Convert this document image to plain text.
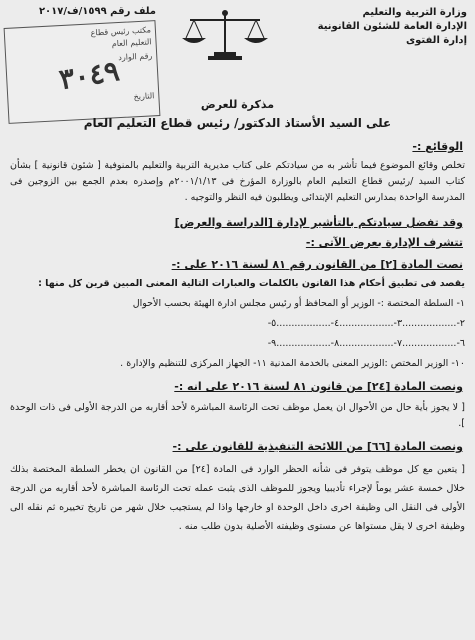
وزارة التربية والتعليم
الإدارة العامة للشئون القانونية
إدارة الفتوى
ملف رقم ١٥٩٩/ف/٢٠١٧
مكتب رئيس قطاع
التعليم العام
رقم الوارد
التاريخ
٣٠٤٩
مذكرة للعرض
على السيد الأستاذ الدكتور/ رئيس قطاع التعليم العام
الوقائع :-
تخلص وقائع الموضوع فيما تأشر به من سيادتكم على كتاب مديرية التربية والتعليم بالمنوفية [ شئون قانونية ] بشأن كتاب السيد /رئيس قطاع التعليم العام بالوزارة المؤرخ فى ٢٠٠١/١/١٣م وإصدره بعدم الجمع بين الزوجين فى المدرسة الواحدة بمدارس التعليم الإبتدائى ويطلبون فيه النظر والتوجيه .
وقد تفضل سيادتكم بالتأشير لإدارة [الدراسة والعرض]
تتشرف الإدارة بعرض الآتى :-
نصت المادة [٢] من القانون رقم ٨١ لسنة ٢٠١٦ على :-
يقصد فى تطبيق أحكام هذا القانون بالكلمات والعبارات التالية المعنى المبين قرين كل منها :
١- السلطة المختصة :- الوزير أو المحافظ أو رئيس مجلس ادارة الهيئة بحسب الأحوال
٢-..................٣-..................٤-..................٥-
٦-..................٧-..................٨-..................٩-
١٠- الوزير المختص :الوزير المعنى بالخدمة المدنية ١١- الجهاز المركزى للتنظيم والإدارة .
ونصت المادة [٢٤] من قانون ٨١ لسنة ٢٠١٦ على انه :-
[ لا يجوز بأية حال من الأحوال ان يعمل موظف تحت الرئاسة المباشرة لأحد أقاربه من الدرجة الأولى فى ذات الوحدة ].
ونصت المادة [٦٦] من اللائحة التنفيذية للقانون على :-
[ يتعين مع كل موظف يتوفر فى شأنه الحظر الوارد فى المادة [٢٤] من القانون ان يخطر السلطة المختصة بذلك خلال خمسة عشر يوماً لإجراء تأديبيا ويجوز للموظف الذى يثبت عمله تحت الرئاسة المباشرة لأحد أقاربه من الدرجة الأولى فى النقل الى وظيفة اخرى داخل الوحدة او خارجها واذا لم يستجيب خلال شهر من تاريخ تخييره ثم نقله الى وظيفة اخرى لا يقل مستواها عن مستوى وظيفته الأصلية بدون طلب منه .
